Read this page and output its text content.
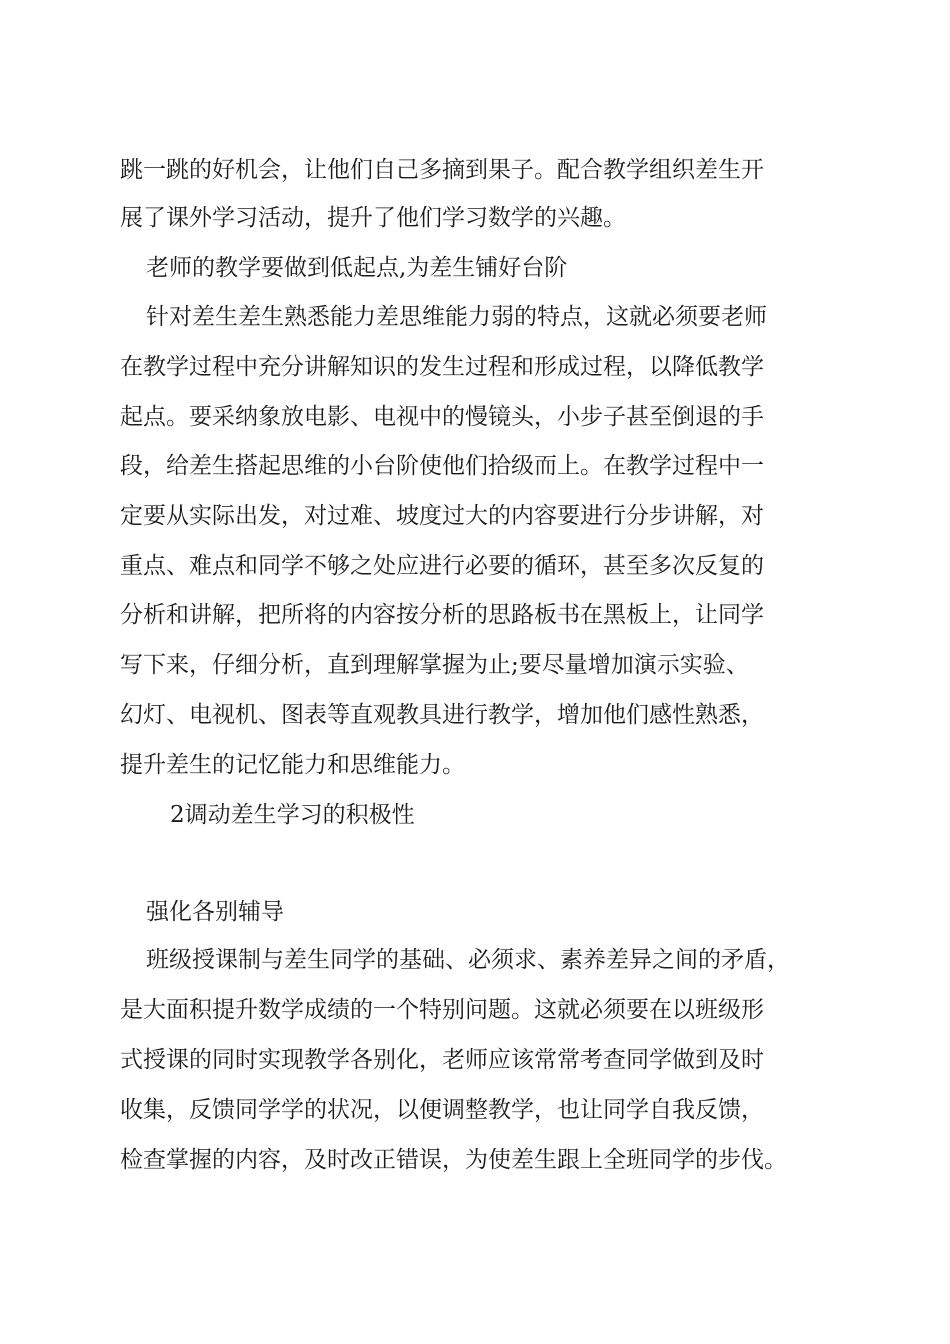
跳一跳的好机会，让他们自己多摘到果子。配合教学组织差生开
展了课外学习活动，提升了他们学习数学的兴趣。
老师的教学要做到低起点,为差生铺好台阶
针对差生差生熟悉能力差思维能力弱的特点，这就必须要老师
在教学过程中充分讲解知识的发生过程和形成过程，以降低教学
起点。要采纳象放电影、电视中的慢镜头，小步子甚至倒退的手
段，给差生搭起思维的小台阶使他们拾级而上。在教学过程中一
定要从实际出发，对过难、坡度过大的内容要进行分步讲解，对
重点、难点和同学不够之处应进行必要的循环，甚至多次反复的
分析和讲解，把所将的内容按分析的思路板书在黑板上，让同学
写下来，仔细分析，直到理解掌握为止;要尽量增加演示实验、
幻灯、电视机、图表等直观教具进行教学，增加他们感性熟悉，
提升差生的记忆能力和思维能力。
2调动差生学习的积极性
强化各别辅导
班级授课制与差生同学的基础、必须求、素养差异之间的矛盾，
是大面积提升数学成绩的一个特别问题。这就必须要在以班级形
式授课的同时实现教学各别化，老师应该常常考查同学做到及时
收集，反馈同学学的状况，以便调整教学，也让同学自我反馈，
检查掌握的内容，及时改正错误，为使差生跟上全班同学的步伐。
